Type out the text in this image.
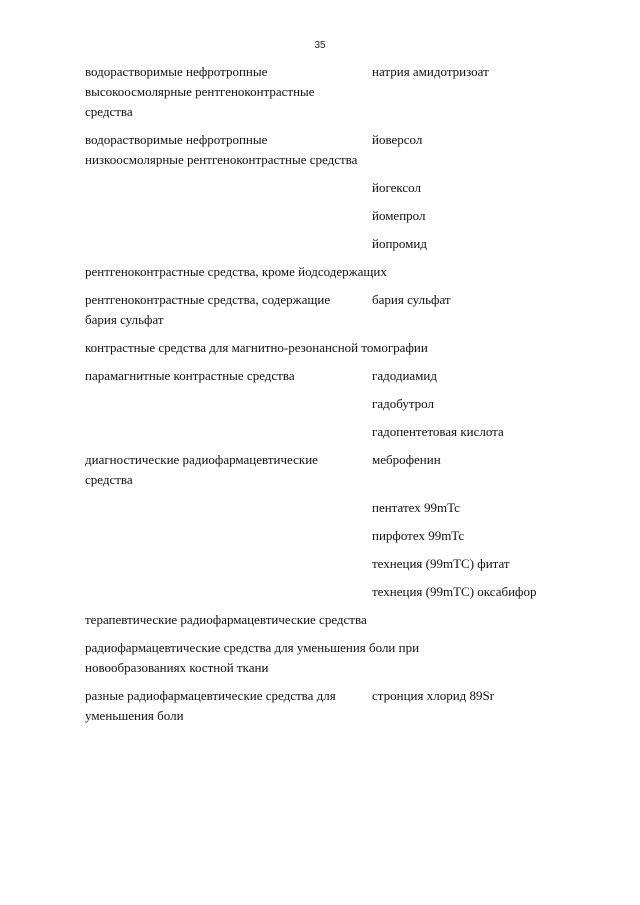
35
водорастворимые нефротропные высокоосмолярные рентгеноконтрастные средства
натрия амидотризоат
водорастворимые нефротропные низкоосмолярные рентгеноконтрастные средства
йоверсол
йогексол
йомепрол
йопромид
рентгеноконтрастные средства, кроме йодсодержащих
рентгеноконтрастные средства, содержащие бария сульфат
бария сульфат
контрастные средства для магнитно-резонансной томографии
парамагнитные контрастные средства	гадодиамид
гадобутрол
гадопентетовая кислота
диагностические радиофармацевтические средства
меброфенин
пентатех 99mTc
пирфотех 99mTc
технеция (99mTC) фитат
технеция (99mTC) оксабифор
терапевтические радиофармацевтические средства
радиофармацевтические средства для уменьшения боли при новообразованиях костной ткани
разные радиофармацевтические средства для уменьшения боли
стронция хлорид 89Sr
